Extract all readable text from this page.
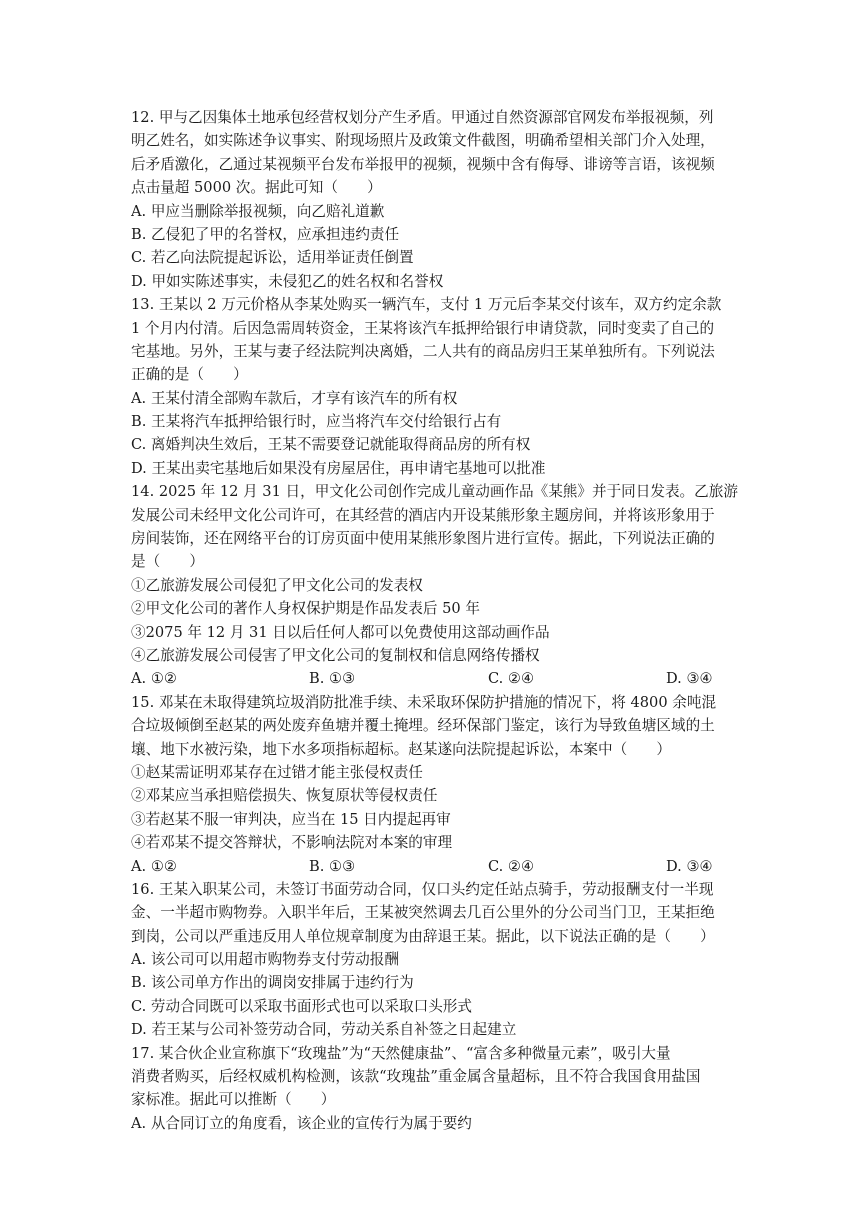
12. 甲与乙因集体土地承包经营权划分产生矛盾。甲通过自然资源部官网发布举报视频，列
明乙姓名，如实陈述争议事实、附现场照片及政策文件截图，明确希望相关部门介入处理，
后矛盾激化，乙通过某视频平台发布举报甲的视频，视频中含有侮辱、诽谤等言语，该视频
点击量超 5000 次。据此可知（　　）
A. 甲应当删除举报视频，向乙赔礼道歉
B. 乙侵犯了甲的名誉权，应承担违约责任
C. 若乙向法院提起诉讼，适用举证责任倒置
D. 甲如实陈述事实，未侵犯乙的姓名权和名誉权
13. 王某以 2 万元价格从李某处购买一辆汽车，支付 1 万元后李某交付该车，双方约定余款
1 个月内付清。后因急需周转资金，王某将该汽车抵押给银行申请贷款，同时变卖了自己的
宅基地。另外，王某与妻子经法院判决离婚，二人共有的商品房归王某单独所有。下列说法
正确的是（　　）
A. 王某付清全部购车款后，才享有该汽车的所有权
B. 王某将汽车抵押给银行时，应当将汽车交付给银行占有
C. 离婚判决生效后，王某不需要登记就能取得商品房的所有权
D. 王某出卖宅基地后如果没有房屋居住，再申请宅基地可以批准
14. 2025 年 12 月 31 日，甲文化公司创作完成儿童动画作品《某熊》并于同日发表。乙旅游
发展公司未经甲文化公司许可，在其经营的酒店内开设某熊形象主题房间，并将该形象用于
房间装饰，还在网络平台的订房页面中使用某熊形象图片进行宣传。据此，下列说法正确的
是（　　）
①乙旅游发展公司侵犯了甲文化公司的发表权
②甲文化公司的著作人身权保护期是作品发表后 50 年
③2075 年 12 月 31 日以后任何人都可以免费使用这部动画作品
④乙旅游发展公司侵害了甲文化公司的复制权和信息网络传播权
A. ①②	B. ①③	C. ②④	D. ③④
15. 邓某在未取得建筑垃圾消防批准手续、未采取环保防护措施的情况下，将 4800 余吨混
合垃圾倾倒至赵某的两处废弃鱼塘并覆土掩埋。经环保部门鉴定，该行为导致鱼塘区域的土
壤、地下水被污染，地下水多项指标超标。赵某遂向法院提起诉讼，本案中（　　）
①赵某需证明邓某存在过错才能主张侵权责任
②邓某应当承担赔偿损失、恢复原状等侵权责任
③若赵某不服一审判决，应当在 15 日内提起再审
④若邓某不提交答辩状，不影响法院对本案的审理
A. ①②	B. ①③	C. ②④	D. ③④
16. 王某入职某公司，未签订书面劳动合同，仅口头约定任站点骑手，劳动报酬支付一半现
金、一半超市购物券。入职半年后，王某被突然调去几百公里外的分公司当门卫，王某拒绝
到岗，公司以严重违反用人单位规章制度为由辞退王某。据此，以下说法正确的是（　　）
A. 该公司可以用超市购物券支付劳动报酬
B. 该公司单方作出的调岗安排属于违约行为
C. 劳动合同既可以采取书面形式也可以采取口头形式
D. 若王某与公司补签劳动合同，劳动关系自补签之日起建立
17. 某合伙企业宣称旗下“玫瑰盐”为“天然健康盐”、“富含多种微量元素”，吸引大量
消费者购买，后经权威机构检测，该款“玫瑰盐”重金属含量超标，且不符合我国食用盐国
家标准。据此可以推断（　　）
A. 从合同订立的角度看，该企业的宣传行为属于要约
